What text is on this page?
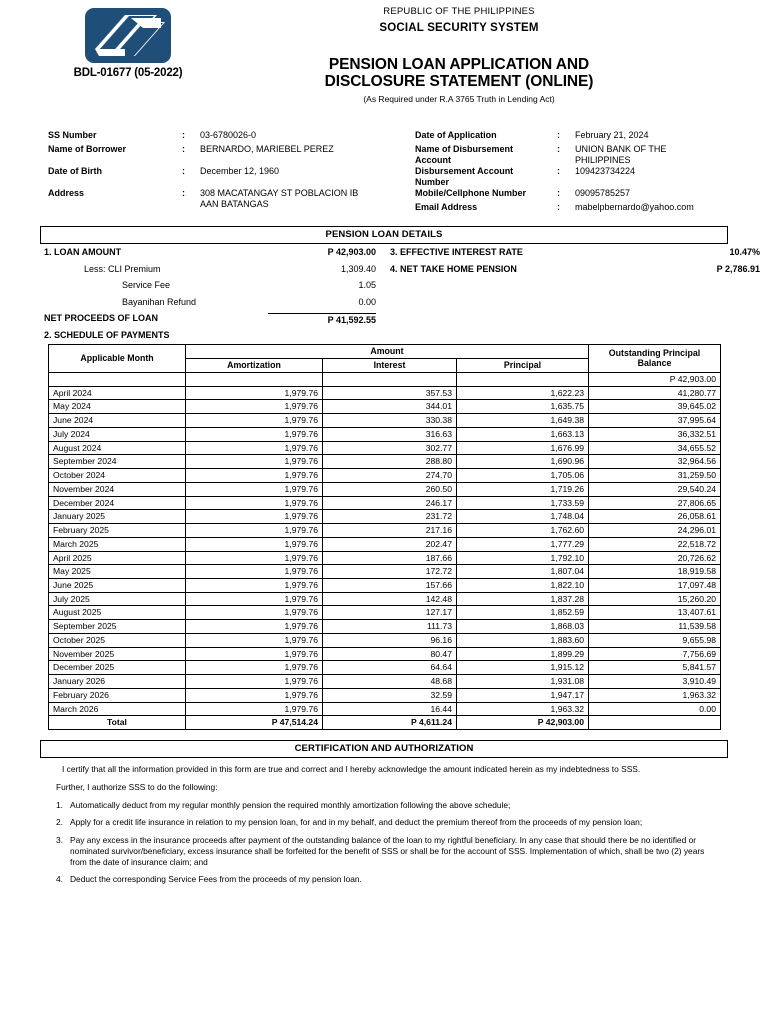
BDL-01677 (05-2022)
REPUBLIC OF THE PHILIPPINES
SOCIAL SECURITY SYSTEM
PENSION LOAN APPLICATION AND
DISCLOSURE STATEMENT (ONLINE)
(As Required under R.A 3765 Truth in Lending Act)
SS Number	: 03-6780026-0
Name of Borrower	: BERNARDO, MARIEBEL PEREZ
Date of Birth	: December 12, 1960
Address	: 308 MACATANGAY ST POBLACION IB
AAN BATANGAS
Date of Application	: February 21, 2024
Name of Disbursement
Account
: UNION BANK OF THE
PHILIPPINES
Disbursement Account
Number
: 109423734224
Mobile/Cellphone Number	: 09095785257
Email Address	: mabelpbernardo@yahoo.com
PENSION LOAN DETAILS
1. LOAN AMOUNT	P 42,903.00
Less: CLI Premium	1,309.40
Service Fee	1.05
Bayanihan Refund	0.00
NET PROCEEDS OF LOAN	P 41,592.55
3. EFFECTIVE INTEREST RATE	10.47%
4. NET TAKE HOME PENSION	P 2,786.91
2. SCHEDULE OF PAYMENTS
Applicable Month	Amount			Outstanding Principal
Balance
	Amortization	Interest	Principal	
				P 42,903.00
April 2024	1,979.76	357.53	1,622.23	41,280.77
May 2024	1,979.76	344.01	1,635.75	39,645.02
June 2024	1,979.76	330.38	1,649.38	37,995.64
July 2024	1,979.76	316.63	1,663.13	36,332.51
August 2024	1,979.76	302.77	1,676.99	34,655.52
September 2024	1,979.76	288.80	1,690.96	32,964.56
October 2024	1,979.76	274.70	1,705.06	31,259.50
November 2024	1,979.76	260.50	1,719.26	29,540.24
December 2024	1,979.76	246.17	1,733.59	27,806.65
January 2025	1,979.76	231.72	1,748.04	26,058.61
February 2025	1,979.76	217.16	1,762.60	24,296.01
March 2025	1,979.76	202.47	1,777.29	22,518.72
April 2025	1,979.76	187.66	1,792.10	20,726.62
May 2025	1,979.76	172.72	1,807.04	18,919.58
June 2025	1,979.76	157.66	1,822.10	17,097.48
July 2025	1,979.76	142.48	1,837.28	15,260.20
August 2025	1,979.76	127.17	1,852.59	13,407.61
September 2025	1,979.76	111.73	1,868.03	11,539.58
October 2025	1,979.76	96.16	1,883.60	9,655.98
November 2025	1,979.76	80.47	1,899.29	7,756.69
December 2025	1,979.76	64.64	1,915.12	5,841.57
January 2026	1,979.76	48.68	1,931.08	3,910.49
February 2026	1,979.76	32.59	1,947.17	1,963.32
March 2026	1,979.76	16.44	1,963.32	0.00
Total	P 47,514.24	P 4,611.24	P 42,903.00	
CERTIFICATION AND AUTHORIZATION

I certify that all the information provided in this form are true and correct and I hereby acknowledge the amount indicated herein as my indebtedness to SSS.

Further, I authorize SSS to do the following:

1. Automatically deduct from my regular monthly pension the required monthly amortization following the above schedule;

2. Apply for a credit life insurance in relation to my pension loan, for and in my behalf, and deduct the premium thereof from the proceeds of my pension loan;

3. Pay any excess in the insurance proceeds after payment of the outstanding balance of the loan to my rightful beneficiary. In any case that should there be no identified or nominated survivor/beneficiary, excess insurance shall be forfeited for the benefit of SSS or shall be for the account of SSS. Implementation of which, shall be two (2) years from the date of insurance claim; and

4. Deduct the corresponding Service Fees from the proceeds of my pension loan.
